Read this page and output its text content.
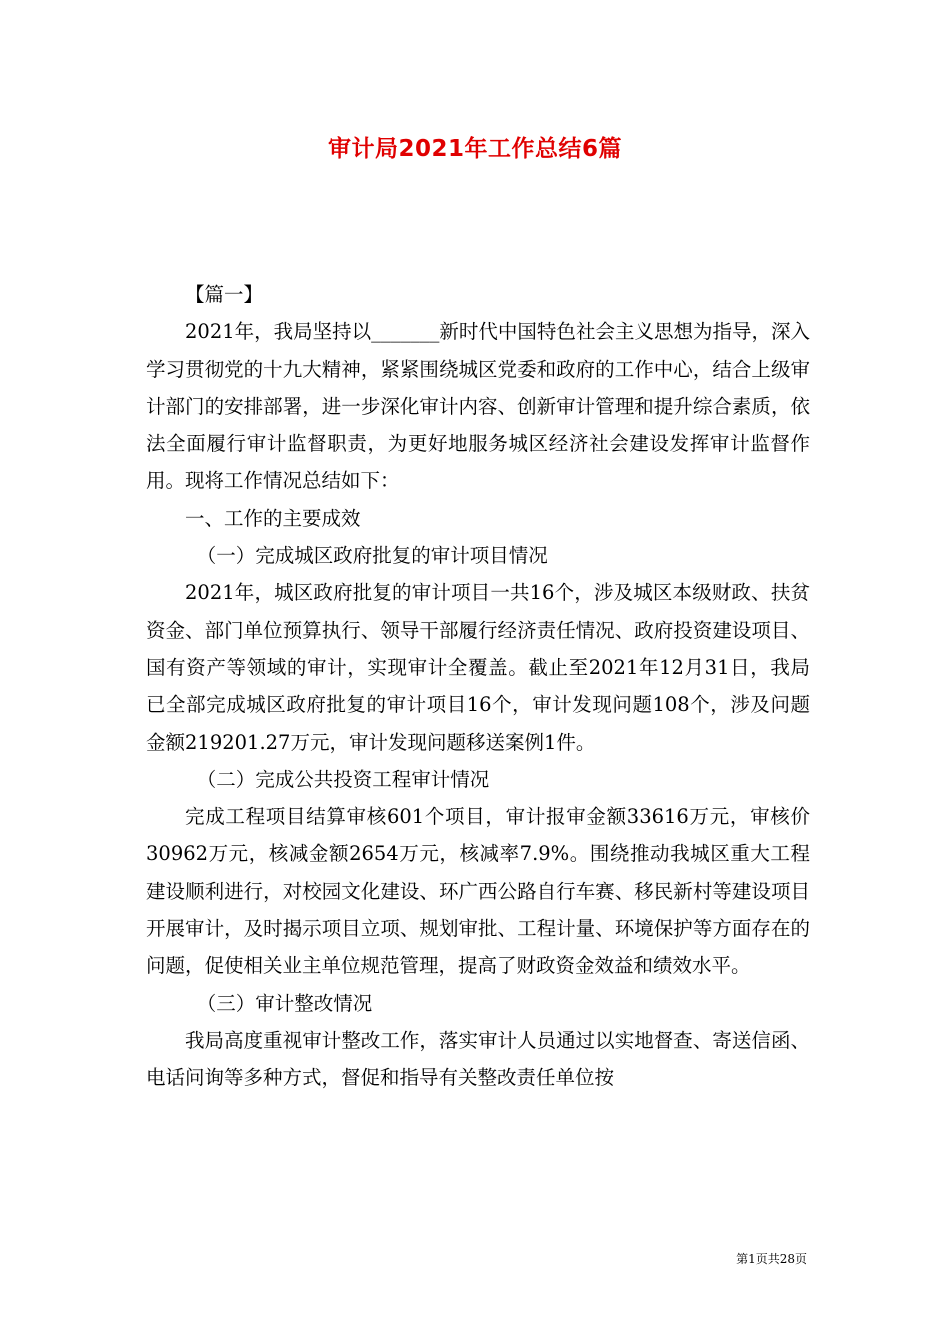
审计局2021年工作总结6篇

【篇一】

2021年，我局坚持以_______新时代中国特色社会主义思想为指导，深入学习贯彻党的十九大精神，紧紧围绕城区党委和政府的工作中心，结合上级审计部门的安排部署，进一步深化审计内容、创新审计管理和提升综合素质，依法全面履行审计监督职责，为更好地服务城区经济社会建设发挥审计监督作用。现将工作情况总结如下：

一、工作的主要成效

（一）完成城区政府批复的审计项目情况

2021年，城区政府批复的审计项目一共16个，涉及城区本级财政、扶贫资金、部门单位预算执行、领导干部履行经济责任情况、政府投资建设项目、国有资产等领域的审计，实现审计全覆盖。截止至2021年12月31日，我局已全部完成城区政府批复的审计项目16个，审计发现问题108个，涉及问题金额219201.27万元，审计发现问题移送案例1件。

（二）完成公共投资工程审计情况

完成工程项目结算审核601个项目，审计报审金额33616万元，审核价30962万元，核减金额2654万元，核减率7.9%。围绕推动我城区重大工程建设顺利进行，对校园文化建设、环广西公路自行车赛、移民新村等建设项目开展审计，及时揭示项目立项、规划审批、工程计量、环境保护等方面存在的问题，促使相关业主单位规范管理，提高了财政资金效益和绩效水平。

（三）审计整改情况

我局高度重视审计整改工作，落实审计人员通过以实地督查、寄送信函、电话问询等多种方式，督促和指导有关整改责任单位按

第1页共28页
